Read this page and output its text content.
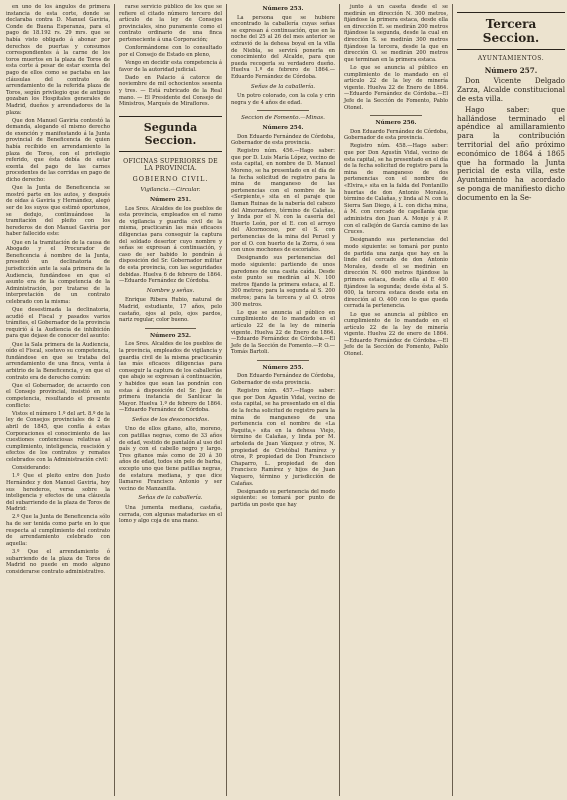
en uno de los ángulos de primera instancia de esta corte, donde se declaraba contra D. Manuel Gaviria, Conde de Buena Esperanza, para el pago de 18.192 rs. 29 mrs. que se había visto obligado á abonar por derechos de puertas y consumos correspondientes á la carne de los toros muertos en la plaza de Toros de esta corte á pesar de estar exenta del pago de ellos como se pactaba en las cláusulas del contrato de arrendamiento de la referida plaza de Toros, según privilegio que de antiguo gozaban los Hospitales generales de Madrid, dueños y arrendadores de la plaza:

Que don Manuel Gaviria contestó la demanda, alegando el mismo derecho de exención y manifestando á la Junta provincial de Beneficencia de quien había recibido en arrendamiento la plaza de Toros, con el privilegio referido, que ésta debía de estar exenta del pago de las carnes procedentes de las corridas en pago de dicho derecho:

Que la Junta de Beneficencia se mostró parte en los autos, y después de oídas á Gaviria y Hernández, alegó ser de los suyos que estimó oportunos, se dedujo, continuándose la tramitación del pleito con los herederos de don Manuel Gaviria por haber fallecido este:

Que en la tramitación de la causa de Abogado y el Procurador de Beneficencia á nombre de la Junta, presentó un declinatoria de jurisdicción ante la sala primera de la Audiencia, fundándose en que el asunto era de la competencia de la Administración, por tratarse de la interpretación de un contrato celebrado con la misma:

Que desestimada la declinatoria, acudió el Fiscal y pasados varios trámites, el Gobernador de la provincia requirió á la Audiencia de inhibición para que dejase de conocer del asunto:

Que la Sala primera de la Audiencia, oído el Fiscal, sostuvo su competencia, fundándose en que se trataba del arrendamiento de una finca, venta á arbitrio de la Beneficencia, y en que el contrato era de derecho común:

Que el Gobernador, de acuerdo con el Consejo provincial, insistió en su competencia, resultando el presente conflicto:

Vistos el número 1.º del art. 8.º de la ley de Consejos provinciales de 2 de abril de 1845, que confía á estas Corporaciones el conocimiento de las cuestiones contenciosas relativas al cumplimiento, inteligencia, rescisión y efectos de los contratos y remates celebrados con la Administración civil:

Considerando:

1.º Que el pleito entre don Justo Hernández y don Manuel Gaviria, hoy sus herederos, versa sobre la inteligencia y efectos de una cláusula del subarriendo de la plaza de Toros de Madrid:

2.º Que la Junta de Beneficencia sólo ha de ser tenida como parte en lo que respecta al cumplimiento del contrato de arrendamiento celebrado con aquella:

3.º Que el arrendamiento ó subarriendo de la plaza de Toros de Madrid no puede en modo alguno considerarse contrato administrativo.

rarse servicio público de los que se refiere el citado número tercero del artículo de la ley de Consejos provinciales, sino puramente como el contrato ordinario de una finca perteneciente á una Corporación;

Conformándome con lo consultado por el Consejo de Estado en pleno,

Vengo en decidir esta competencia á favor de la autoridad judicial.

Dado en Palacio á catorce de noviembre de mil ochocientos sesenta y tres. — Está rubricado de la Real mano. — El Presidente del Consejo de Ministros, Marqués de Miraflores.

Segunda Seccion.
OFICINAS SUPERIORES DE LA PROVINCIA.
GOBIERNO CIVIL.
Vigilancia.—Circular.
Número 251.

Los Sres. Alcaldes de los pueblos de esta provincia, empleados en el ramo de vigilancia y guardia civil de la misma, practicarán las más eficaces diligencias para conseguir la captura del soldado desertor cuyo nombre y señas se expresan á continuación, y caso de ser habido lo pondrán á disposición del Sr. Gobernador militar de esta provincia, con las seguridades debidas. Huelva 6 de febrero de 1864.—Eduardo Fernández de Córdoba.

Nombre y señas.

Enrique Ribera Rubio, natural de Madrid, estudiante, 17 años, pelo castaño, ojos al pelo, ojos pardos, nariz regular, color bueno.

Número 252.

Los Sres. Alcaldes de los pueblos de la provincia, empleados de vigilancia y guardia civil de la misma practicarán las más eficaces diligencias para conseguir la captura de los caballerías que abajo se expresan á continuación, y habidos que sean las pondrán con estas á disposición del Sr. Juez de primera instancia de Sanlúcar la Mayor. Huelva 1.º de febrero de 1864.—Eduardo Fernández de Córdoba.

Señas de los desconocidos.

Uno de ellos gitano, alto, moreno, con patillas negras, como de 33 años de edad, vestido de pantalón al uso del país y con el cabello negro y largo. Tres gitanos más como de 20 á 30 años de edad, todos sin pelo de barba, excepto uno que tiene patillas negras, de estatura mediana, y que dice llamarse Francisco Antonio y ser vecino de Manzanilla.

Señas de la caballería.

Una jumenta mediana, castaña, cerrada, con algunas matadurias en el lomo y algo coja de una mano.

Número 253.

La persona que se hubiere encontrado la caballería cuyas señas se expresan á continuación, que en la noche del 25 al 26 del mes anterior se extravió de la dehesa boyal en la villa de Niebla, se servirá ponerla en conocimiento del Alcalde, para que pueda recogerla su verdadero dueño. Huelva 1.º de febrero de 1864.—Eduardo Fernández de Córdoba.

Señas de la caballería.

Un potro colorado, con la cola y crin negra y de 4 años de edad.

Seccion de Fomento.—Minas.
Número 254.

Don Eduardo Fernández de Córdoba, Gobernador de esta provincia.

Registro núm. 456.—Hago saber: que por D. Luis María López, vecino de esta capital, en nombre de D. Manuel Moreno, se ha presentado en el día de la fecha solicitud de registro para la mina de manganeso de las pertenencias con el nombre de la «Serpiente,» sita en el paraje que llaman Ruinas de la nabería del cabezo del Almorzadero, término de Calañas, y linda por el N. con la casería del Huerto León, por el E. con el arroyo del Alcornocoso, por el S. con pertenencias de la mina del Peruel y por el O. con huerto de la Zorra, ó sea con unos mochones de escoriales.

Designando sus pertenencias del modo siguiente: partiendo de unos paredones de una casita caída. Desde este punto se medirán al N. 100 metros fijando la primera estaca, al E. 300 metros; para la segunda al S. 200 metros; para la tercera y al O. otros 300 metros.

Lo que se anuncia al público en cumplimiento de lo mandado en el artículo 22 de la ley de minería vigente. Huelva 22 de Enero de 1864.—Eduardo Fernández de Córdoba.—El Jefe de la Sección de Fomento.—P. O.—Tomás Bartoli.

Número 255.

Don Eduardo Fernández de Córdoba, Gobernador de esta provincia.

Registro núm. 457.—Hago saber: que por Don Agustín Vidal, vecino de esta capital, se ha presentado en el día de la fecha solicitud de registro para la mina de manganeso de una pertenencia con el nombre de «La Paquita,» sita en la dehesa Viejo, término de Calañas, y linda por M. arboleda de Juan Vázquez y otros, N. propiedad de Cristóbal Ramírez y otros, P. propiedad de Don Francisco Chaparro, L. propiedad de don Francisco Ramírez y hijos de Juan Vaquero, término y jurisdicción de Calañas.

Designando su pertenencia del modo siguiente: se tomará por punto de partida un poste que hay

junto á un caseta desde el se medirán en dirección N. 300 metros, fijándose la primera estaca, desde ella en dirección E. se medirán 200 metros fijándose la segunda, desde la cual en dirección S. se medirán 300 metros fijándose la tercera, desde la que en dirección O. se medirán 200 metros que terminan en la primera estaca.

Lo que se anuncia al público en cumplimiento de lo mandado en el artículo 22 de la ley de minería vigente. Huelva 22 de Enero de 1864.—Eduardo Fernández de Córdoba.—El Jefe de la Sección de Fomento, Pablo Otonel.

Número 256.

Don Eduardo Fernández de Córdoba, Gobernador de esta provincia.

Registro núm. 458.—Hago saber: que por Don Agustín Vidal, vecino de esta capital, se ha presentado en el día de la fecha solicitud de registro para la mina de manganeso de dos pertenencias con el nombre de «Elvira,» sita en la falda del Fontanillo huertas de don Antonio Morales, término de Calañas, y linda al N. con la Sierra San Diego, á L. con dicha mina, á M. con cercado de capellanía que administra don Juan A. Monje y á P. con el callejón de García camino de las Cruces.

Designando sus pertenencias del modo siguiente: se tomará por punto de partida una zanja que hay en la linde del cercado de don Antonio Morales, desde el se medirán en dirección N. 600 metros fijándose la primera estaca, desde ella al E 400 fijándose la segunda; desde ésta al S. 600, la tercera estaca desde esta en dirección al O. 400 con lo que queda cerrada la pertenencia.

Lo que se anuncia al público en cumplimiento de lo mandado en el artículo 22 de la ley de minería vigente. Huelva 22 de enero de 1864.—Eduardo Fernández de Córdoba.—El Jefe de la Sección de Fomento, Pablo Otonel.

Tercera Seccion.
AYUNTAMIENTOS.
Número 257.

Don Vicente Delgado Zarza, Alcalde constitucional de esta villa.

Hago saber: que hallándose terminado el apéndice al amillaramiento para la contribución territorial del año próximo económico de 1864 á 1865 que ha formado la Junta pericial de esta villa, este Ayuntamiento ha acordado se ponga de manifiesto dicho documento en la Se-
